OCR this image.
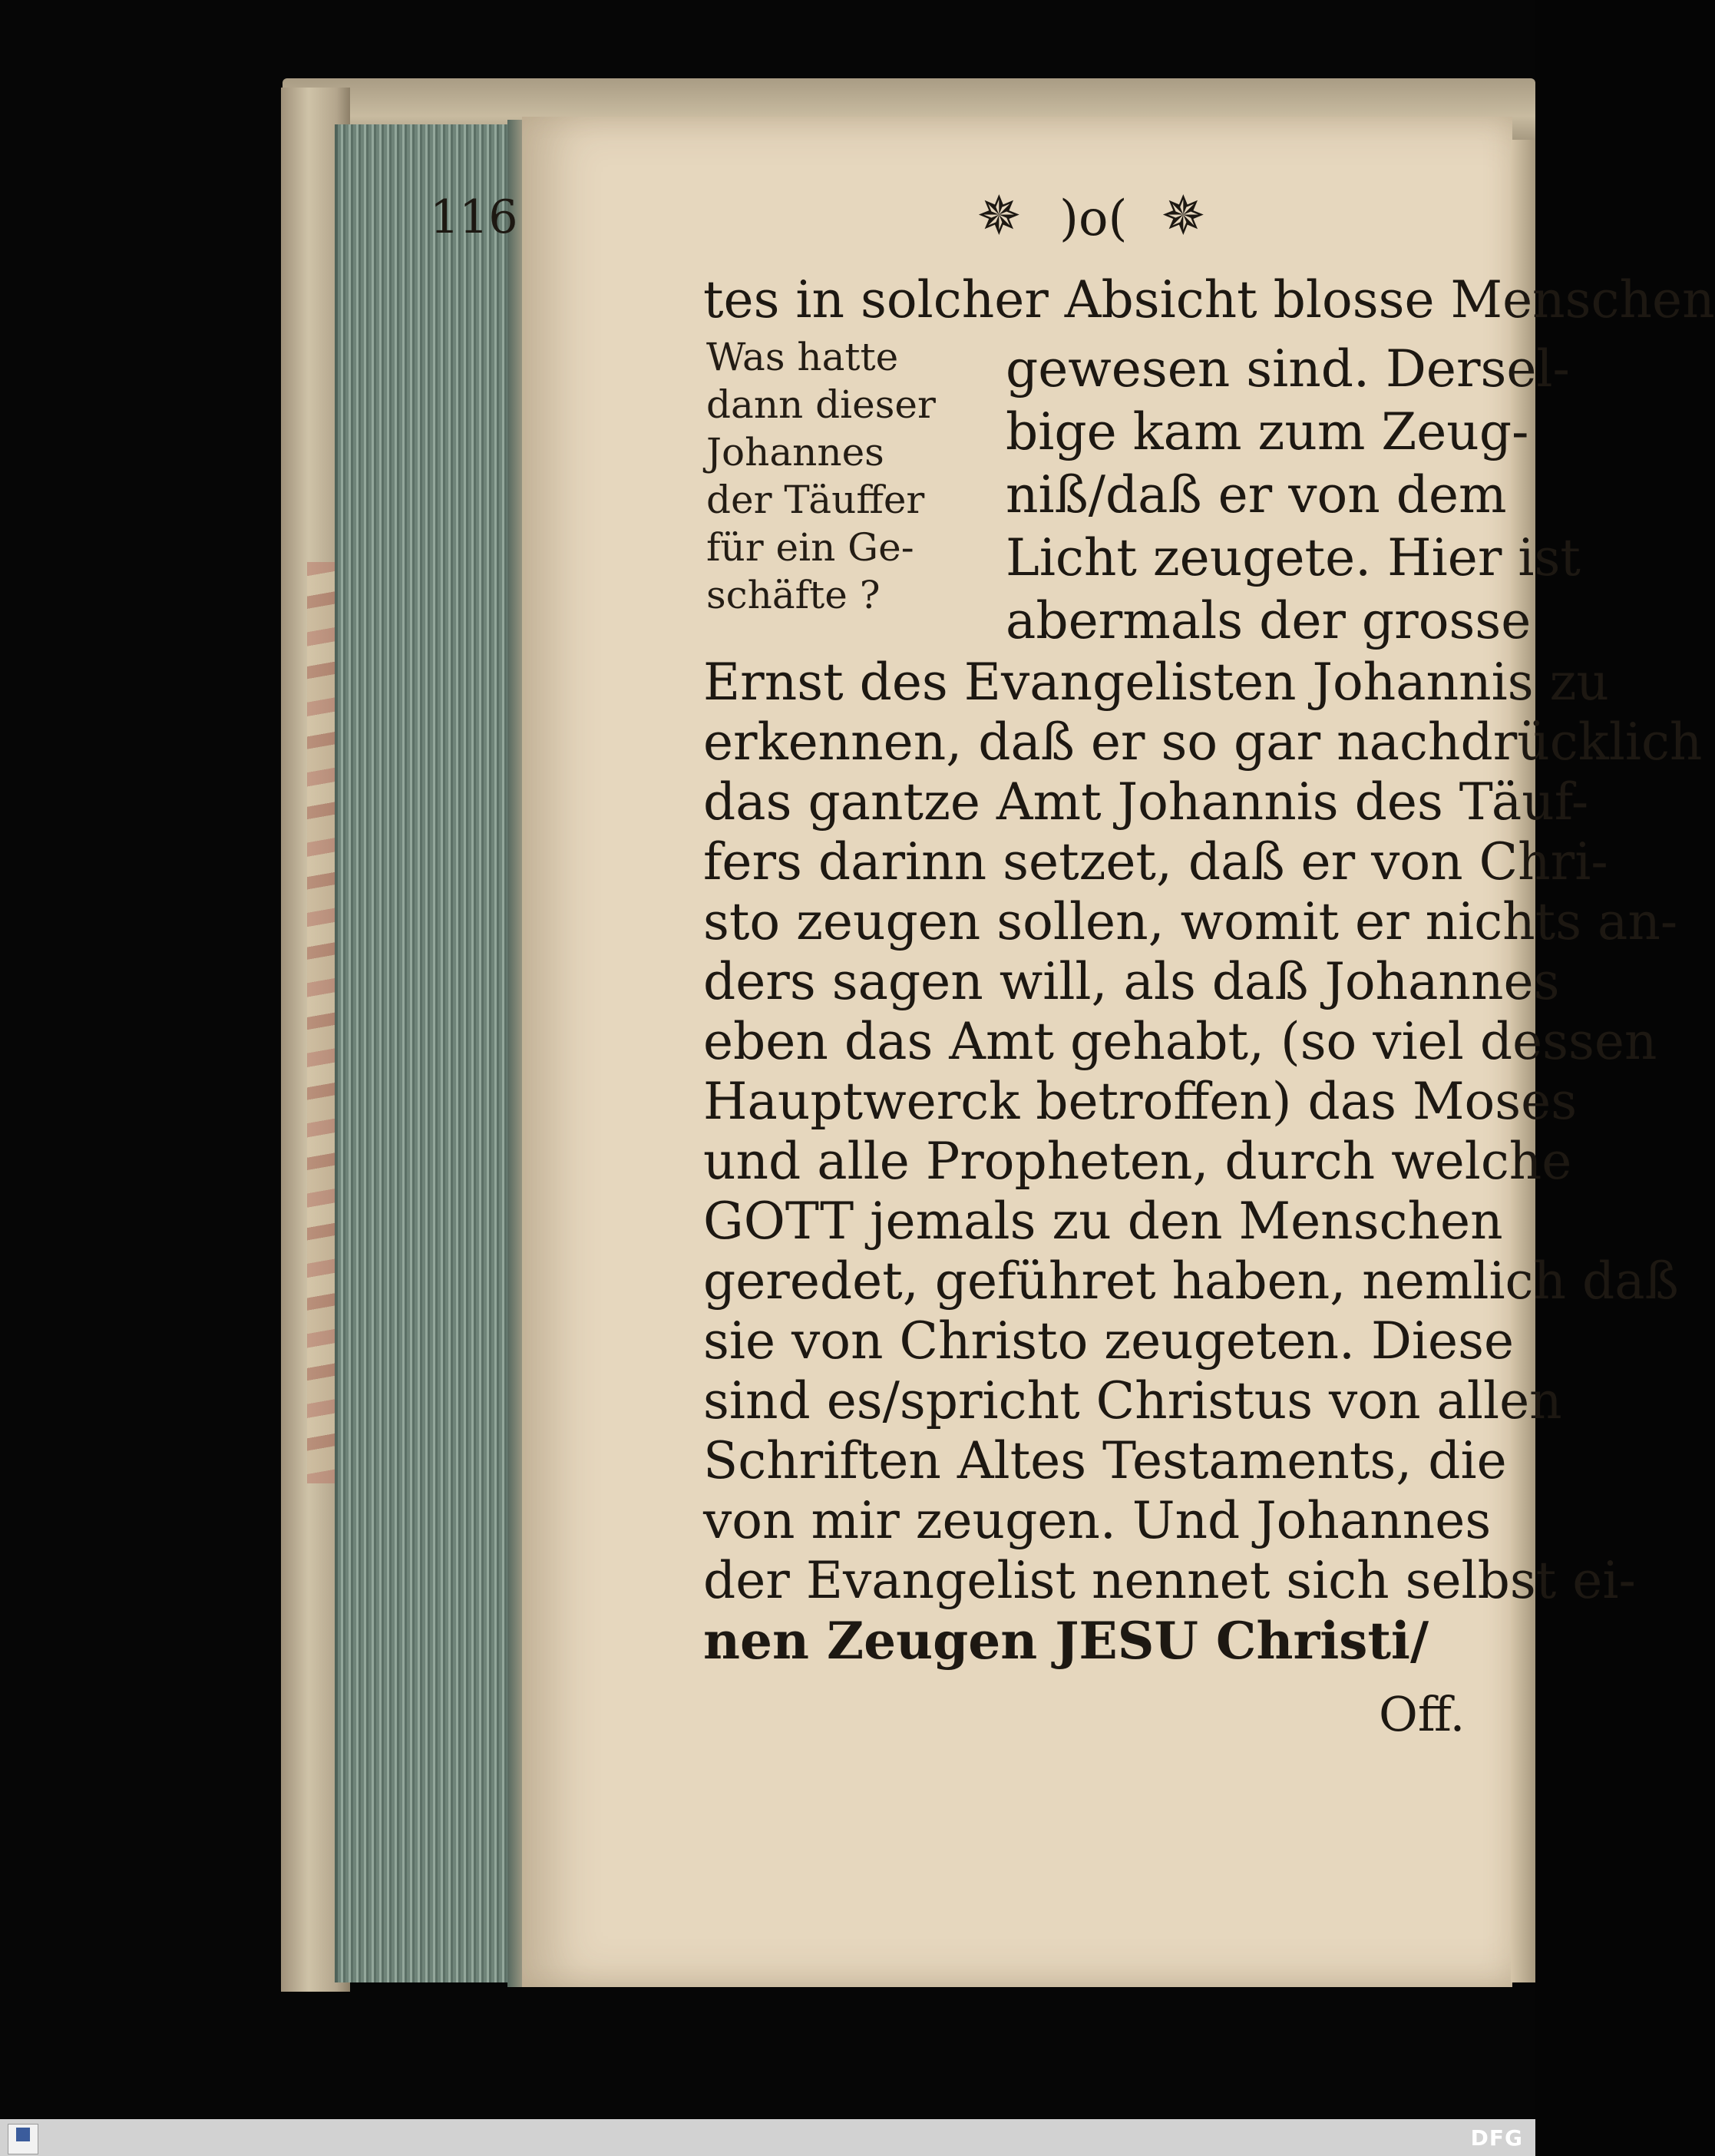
116	✵ )o( ✵
tes in solcher Absicht blosse Menschen
Was hatte
dann dieser
Johannes
der Täuffer
für ein Ge-
schäfte ?
gewesen sind. Dersel-
bige kam zum Zeug-
niß/daß er von dem
Licht zeugete. Hier ist
abermals der grosse
Ernst des Evangelisten Johannis zu
erkennen, daß er so gar nachdrücklich
das gantze Amt Johannis des Täuf-
fers darinn setzet, daß er von Chri-
sto zeugen sollen, womit er nichts an-
ders sagen will, als daß Johannes
eben das Amt gehabt, (so viel dessen
Hauptwerck betroffen) das Moses
und alle Propheten, durch welche
GOTT jemals zu den Menschen
geredet, geführet haben, nemlich daß
sie von Christo zeugeten. Diese
sind es/spricht Christus von allen
Schriften Altes Testaments, die
von mir zeugen. Und Johannes
der Evangelist nennet sich selbst ei-
nen Zeugen JESU Christi/
Off.
DFG
